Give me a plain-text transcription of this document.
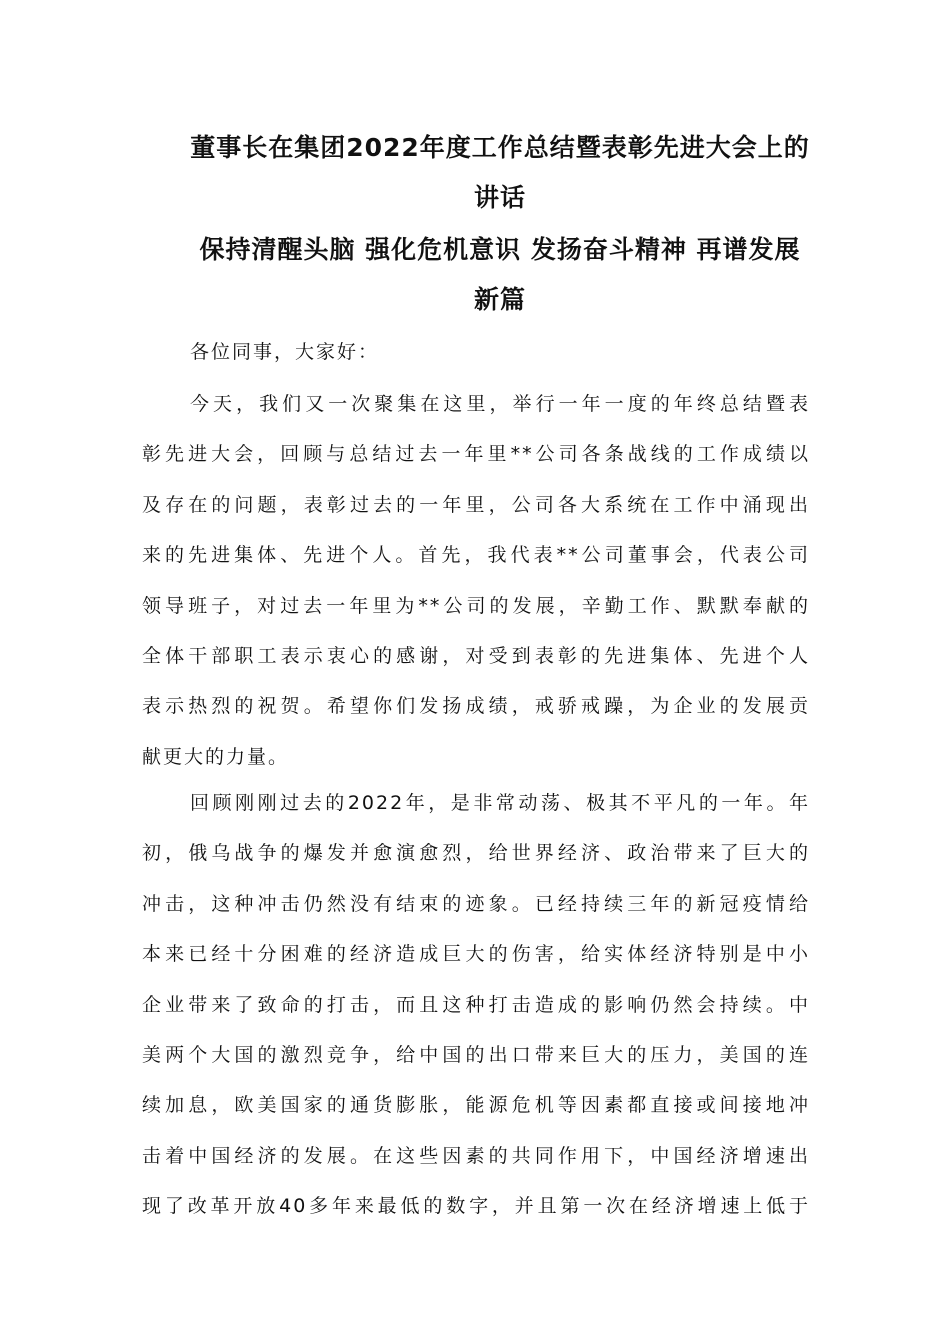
董事长在集团2022年度工作总结暨表彰先进大会上的
讲话
保持清醒头脑 强化危机意识 发扬奋斗精神 再谱发展
新篇
各位同事，大家好：
今天，我们又一次聚集在这里，举行一年一度的年终总结暨表
彰先进大会，回顾与总结过去一年里**公司各条战线的工作成绩以
及存在的问题，表彰过去的一年里，公司各大系统在工作中涌现出
来的先进集体、先进个人。首先，我代表**公司董事会，代表公司
领导班子，对过去一年里为**公司的发展，辛勤工作、默默奉献的
全体干部职工表示衷心的感谢，对受到表彰的先进集体、先进个人
表示热烈的祝贺。希望你们发扬成绩，戒骄戒躁，为企业的发展贡
献更大的力量。
回顾刚刚过去的2022年，是非常动荡、极其不平凡的一年。年
初，俄乌战争的爆发并愈演愈烈，给世界经济、政治带来了巨大的
冲击，这种冲击仍然没有结束的迹象。已经持续三年的新冠疫情给
本来已经十分困难的经济造成巨大的伤害，给实体经济特别是中小
企业带来了致命的打击，而且这种打击造成的影响仍然会持续。中
美两个大国的激烈竞争，给中国的出口带来巨大的压力，美国的连
续加息，欧美国家的通货膨胀，能源危机等因素都直接或间接地冲
击着中国经济的发展。在这些因素的共同作用下，中国经济增速出
现了改革开放40多年来最低的数字，并且第一次在经济增速上低于
